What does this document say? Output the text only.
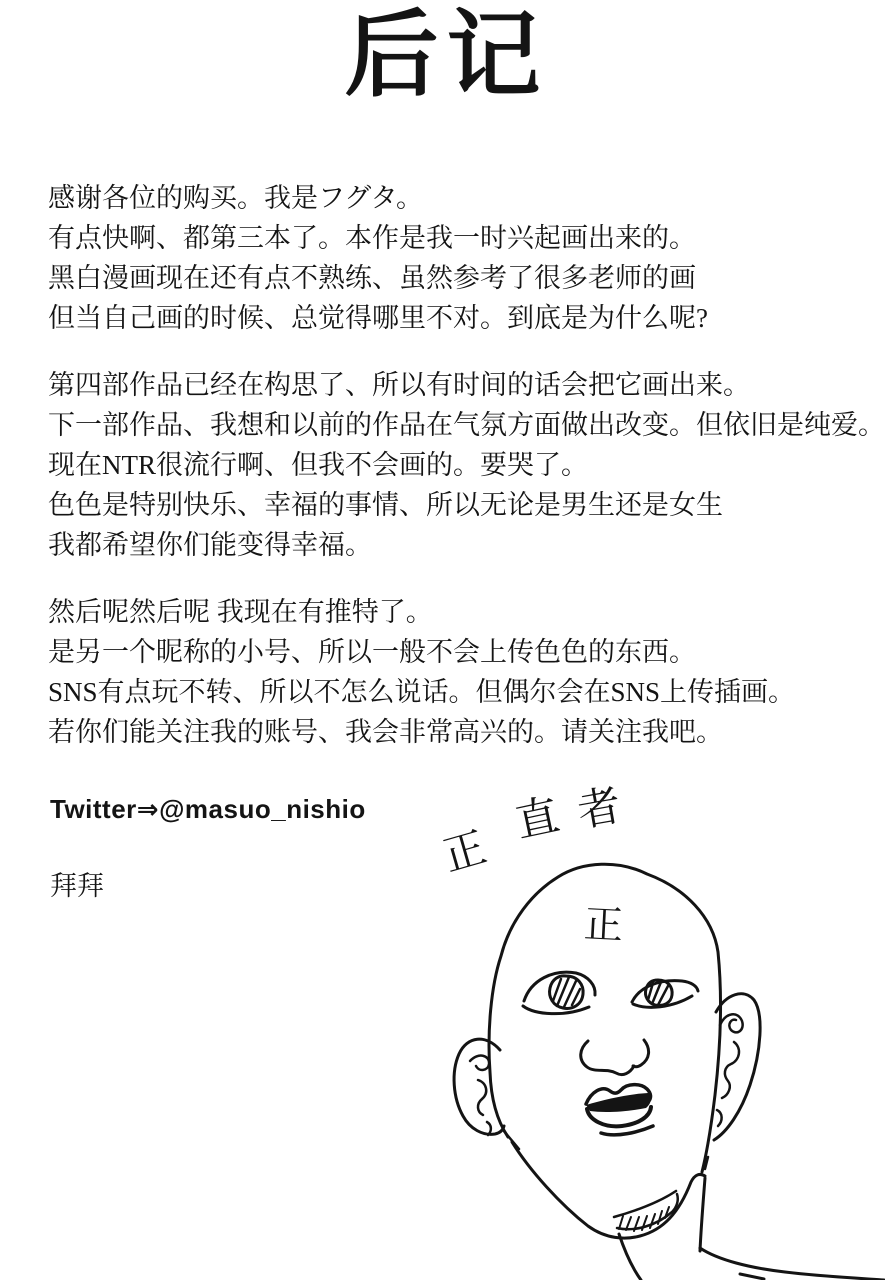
后记

感谢各位的购买。我是フグタ。
有点快啊、都第三本了。本作是我一时兴起画出来的。
黑白漫画现在还有点不熟练、虽然参考了很多老师的画
但当自己画的时候、总觉得哪里不对。到底是为什么呢?

第四部作品已经在构思了、所以有时间的话会把它画出来。
下一部作品、我想和以前的作品在气氛方面做出改变。但依旧是纯爱。
现在NTR很流行啊、但我不会画的。要哭了。
色色是特别快乐、幸福的事情、所以无论是男生还是女生
我都希望你们能变得幸福。

然后呢然后呢 我现在有推特了。
是另一个昵称的小号、所以一般不会上传色色的东西。
SNS有点玩不转、所以不怎么说话。但偶尔会在SNS上传插画。
若你们能关注我的账号、我会非常高兴的。请关注我吧。

Twitter⇒@masuo_nishio
拜拜
正
直 者
正
